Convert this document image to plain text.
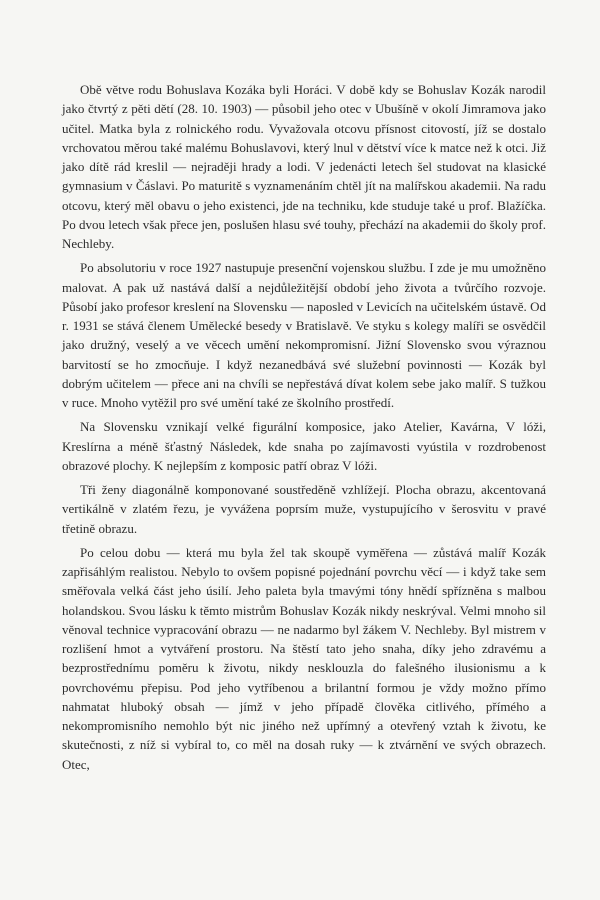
Obě větve rodu Bohuslava Kozáka byli Horáci. V době kdy se Bohuslav Kozák narodil jako čtvrtý z pěti dětí (28. 10. 1903) — působil jeho otec v Ubušíně v okolí Jimramova jako učitel. Matka byla z rolnického rodu. Vyvažovala otcovu přísnost citovostí, jíž se dostalo vrchovatou měrou také malému Bohuslavovi, který lnul v dětství více k matce než k otci. Již jako dítě rád kreslil — nejraději hrady a lodi. V jedenácti letech šel studovat na klasické gymnasium v Čáslavi. Po maturitě s vyznamenáním chtěl jít na malířskou akademii. Na radu otcovu, který měl obavu o jeho existenci, jde na techniku, kde studuje také u prof. Blažíčka. Po dvou letech však přece jen, poslušen hlasu své touhy, přechází na akademii do školy prof. Nechleby.

Po absolutoriu v roce 1927 nastupuje presenční vojenskou službu. I zde je mu umožněno malovat. A pak už nastává další a nejdůležitější období jeho života a tvůrčího rozvoje. Působí jako profesor kreslení na Slovensku — naposled v Levicích na učitelském ústavě. Od r. 1931 se stává členem Umělecké besedy v Bratislavě. Ve styku s kolegy malíři se osvědčil jako družný, veselý a ve věcech umění nekompromisní. Jižní Slovensko svou výraznou barvitostí se ho zmocňuje. I když nezanedbává své služební povinnosti — Kozák byl dobrým učitelem — přece ani na chvíli se nepřestává dívat kolem sebe jako malíř. S tužkou v ruce. Mnoho vytěžil pro své umění také ze školního prostředí.

Na Slovensku vznikají velké figurální komposice, jako Atelier, Kavárna, V lóži, Kreslírna a méně šťastný Následek, kde snaha po zajímavosti vyústila v rozdrobenost obrazové plochy. K nejlepším z komposic patří obraz V lóži.

Tři ženy diagonálně komponované soustředěně vzhlížejí. Plocha obrazu, akcentovaná vertikálně v zlatém řezu, je vyvážena poprsím muže, vystupujícího v šerosvitu v pravé třetině obrazu.

Po celou dobu — která mu byla žel tak skoupě vyměřena — zůstává malíř Kozák zapřisáhlým realistou. Nebylo to ovšem popisné pojednání povrchu věcí — i když take sem směřovala velká část jeho úsilí. Jeho paleta byla tmavými tóny hnědí spřízněna s malbou holandskou. Svou lásku k těmto mistrům Bohuslav Kozák nikdy neskrýval. Velmi mnoho sil věnoval technice vypracování obrazu — ne nadarmo byl žákem V. Nechleby. Byl mistrem v rozlišení hmot a vytváření prostoru. Na štěstí tato jeho snaha, díky jeho zdravému a bezprostřednímu poměru k životu, nikdy nesklouzla do falešného ilusionismu a k povrchovému přepisu. Pod jeho vytříbenou a brilantní formou je vždy možno přímo nahmatat hluboký obsah — jímž v jeho případě člověka citlivého, přímého a nekompromisního nemohlo být nic jiného než upřímný a otevřený vztah k životu, ke skutečnosti, z níž si vybíral to, co měl na dosah ruky — k ztvárnění ve svých obrazech. Otec,
